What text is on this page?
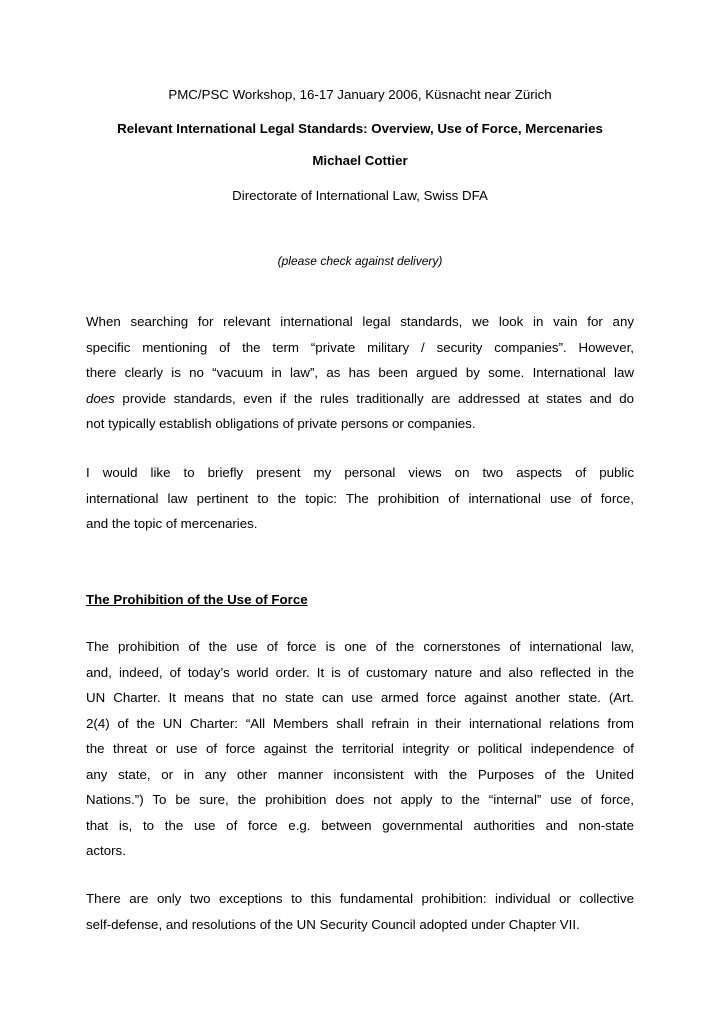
PMC/PSC Workshop, 16-17 January 2006, Küsnacht near Zürich
Relevant International Legal Standards: Overview, Use of Force, Mercenaries
Michael Cottier
Directorate of International Law, Swiss DFA
(please check against delivery)
When searching for relevant international legal standards, we look in vain for any
specific mentioning of the term “private military / security companies”. However,
there clearly is no “vacuum in law”, as has been argued by some. International law
does provide standards, even if the rules traditionally are addressed at states and do
not typically establish obligations of private persons or companies.
I would like to briefly present my personal views on two aspects of public
international law pertinent to the topic: The prohibition of international use of force,
and the topic of mercenaries.
The Prohibition of the Use of Force
The prohibition of the use of force is one of the cornerstones of international law,
and, indeed, of today’s world order. It is of customary nature and also reflected in the
UN Charter. It means that no state can use armed force against another state. (Art.
2(4) of the UN Charter: “All Members shall refrain in their international relations from
the threat or use of force against the territorial integrity or political independence of
any state, or in any other manner inconsistent with the Purposes of the United
Nations.”) To be sure, the prohibition does not apply to the “internal” use of force,
that is, to the use of force e.g. between governmental authorities and non-state
actors.
There are only two exceptions to this fundamental prohibition: individual or collective
self-defense, and resolutions of the UN Security Council adopted under Chapter VII.
